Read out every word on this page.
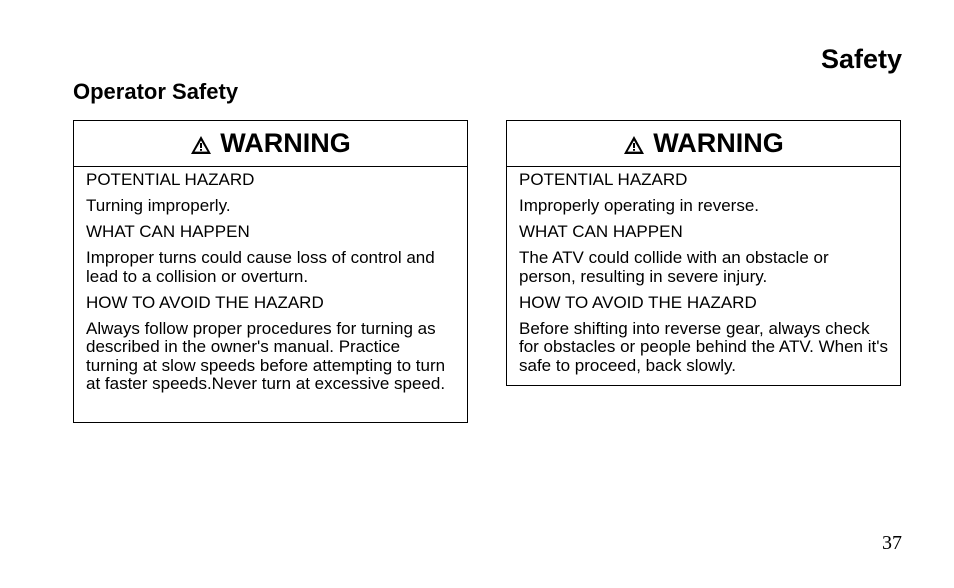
Safety
Operator Safety
WARNING

POTENTIAL HAZARD

Turning improperly.

WHAT CAN HAPPEN

Improper turns could cause loss of control and lead to a collision or overturn.

HOW TO AVOID THE HAZARD

Always follow proper procedures for turning as described in the owner's manual. Practice turning at slow speeds before attempting to turn at faster speeds.Never turn at excessive speed.

WARNING

POTENTIAL HAZARD

Improperly operating in reverse.

WHAT CAN HAPPEN

The ATV could collide with an obstacle or person, resulting in severe injury.

HOW TO AVOID THE HAZARD

Before shifting into reverse gear, always check for obstacles or people behind the ATV. When it's safe to proceed, back slowly.

37
